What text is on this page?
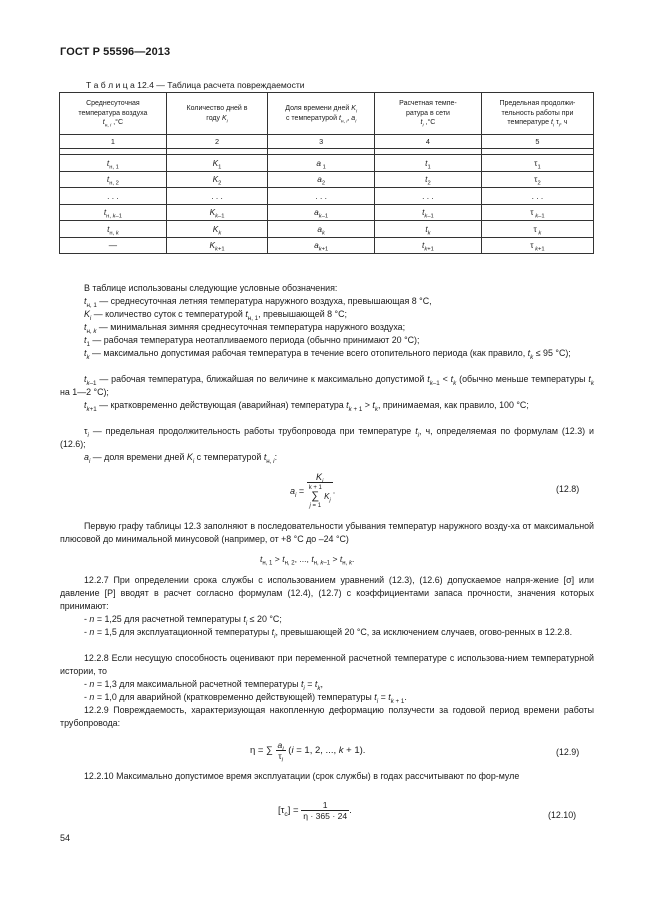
ГОСТ Р 55596—2013
Т а б л и ц а 12.4 — Таблица расчета повреждаемости
Среднесуточная
температура воздуха
$t_{н, i}$ ,°C	Количество дней в
году $K_i$	Доля времени дней $K_i$
с температурой $t_{н, i}$, $a_i$	Расчетная темпе-
ратура в сети
$t_i$ ,°C	Предельная продолжи-
тельность работы при
температуре $t_i$ $\tau_i$, ч
1	2	3	4	5

$t_{н, 1}$	$K_1$	a $_1$	$t_1$	$\tau_1$
$t_{н, 2}$	$K_2$	$a_2$	$t_2$	$\tau_2$
. . .	. . .	. . .	. . .	. . .
$t_{н, k-1}$	$K_{k-1}$	$a_{k-1}$	$t_{k-1}$	τ $_{k-1}$
$t_{н, k}$	$K_k$	$a_k$	$t_k$	τ $_k$
—	$K_{k+1}$	$a_{k+1}$	$t_{k+1}$	τ $_{k+1}$

В таблице использованы следующие условные обозначения:

$t_{н, 1}$ — среднесуточная летняя температура наружного воздуха, превышающая 8 °С,

$K_i$ — количество суток с температурой $t_{н, 1}$, превышающей 8 °С;

$t_{н, k}$ — минимальная зимняя среднесуточная температура наружного воздуха;

$t_1$ — рабочая температура неотапливаемого периода (обычно принимают 20 °С);

$t_k$ — максимально допустимая рабочая температура в течение всего отопительного периода (как правило, $t_k \le 95$ °С);

$t_{k-1}$ — рабочая температура, ближайшая по величине к максимально допустимой $t_{k-1} < t_k$ (обычно меньше температуры $t_k$ на 1—2 °С);

$t_{k+1}$ — кратковременно действующая (аварийная) температура $t_{k + 1} > t_k$, принимаемая, как правило, 100 °С;

$\tau_i$ — предельная продолжительность работы трубопровода при температуре $t_i$, ч, определяемая по формулам (12.3) и (12.6);

$a_i$ — доля времени дней $K_i$ с температурой $t_{н, i}$:

$a_i$ =
$K_i$
k + 1
∑
j = 1 $K_j$
.	(12.8)

Первую графу таблицы 12.3 заполняют в последовательности убывания температур наружного возду-ха от максимальной плюсовой до минимальной минусовой (например, от +8 °С до –24 °С)

$t_{н, 1} > t_{н, 2}$, ..., $t_{н, k-1} > t_{н, k}$.

12.2.7 При определении срока службы с использованием уравнений (12.3), (12.6) допускаемое напря-жение [σ] или давление [P] вводят в расчет согласно формулам (12.4), (12.7) с коэффициентами запаса прочности, значения которых принимают:

- n = 1,25 для расчетной температуры $t_i \le 20$ °С;

- n = 1,5 для эксплуатационной температуры $t_i$, превышающей 20 °С, за исключением случаев, огово-ренных в 12.2.8.

12.2.8 Если несущую способность оценивают при переменной расчетной температуре с использова-нием температурной истории, то

- n = 1,3 для максимальной расчетной температуры $t_i = t_k$,

- n = 1,0 для аварийной (кратковременно действующей) температуры $t_i = t_{k + 1}$.

12.2.9 Повреждаемость, характеризующая накопленную деформацию ползучести за годовой период времени работы трубопровода:

η = ∑ $\frac{a_i}{\tau_i} (i = 1$, 2, ..., k + 1).	(12.9)

12.2.10 Максимально допустимое время эксплуатации (срок службы) в годах рассчитывают по фор-муле

$[\tau_с] = \frac{1}{\eta \cdot 365 \cdot 24}$ .	(12.10)
54
